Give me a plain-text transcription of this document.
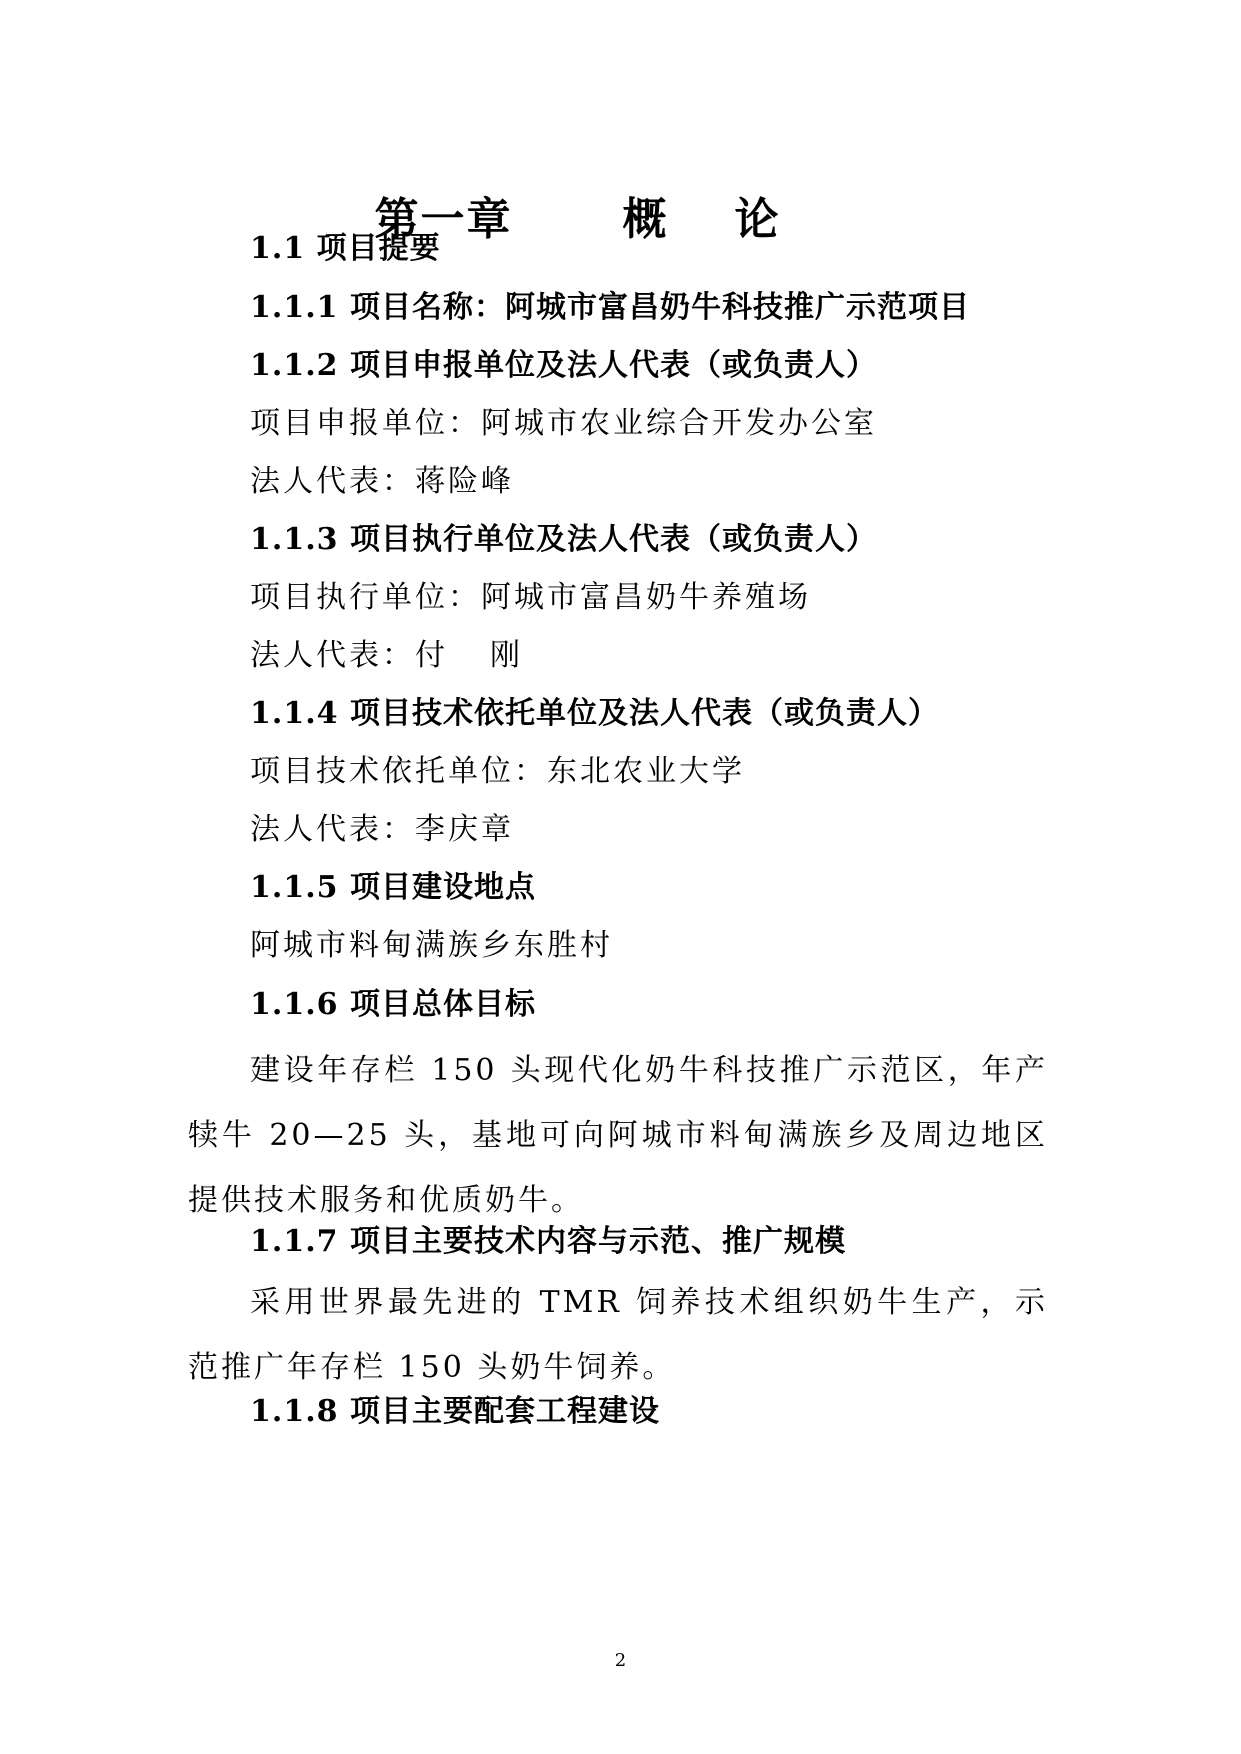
第一章	概 论
1.1 项目提要
1.1.1 项目名称：阿城市富昌奶牛科技推广示范项目
1.1.2 项目申报单位及法人代表（或负责人）
项目申报单位：阿城市农业综合开发办公室
法人代表：蒋险峰
1.1.3 项目执行单位及法人代表（或负责人）
项目执行单位：阿城市富昌奶牛养殖场
法人代表：付 刚
1.1.4 项目技术依托单位及法人代表（或负责人）
项目技术依托单位：东北农业大学
法人代表：李庆章
1.1.5 项目建设地点
阿城市料甸满族乡东胜村
1.1.6 项目总体目标
建设年存栏 150 头现代化奶牛科技推广示范区，年产犊牛 20—25 头，基地可向阿城市料甸满族乡及周边地区提供技术服务和优质奶牛。
1.1.7 项目主要技术内容与示范、推广规模
采用世界最先进的 TMR 饲养技术组织奶牛生产，示范推广年存栏 150 头奶牛饲养。
1.1.8 项目主要配套工程建设
2
